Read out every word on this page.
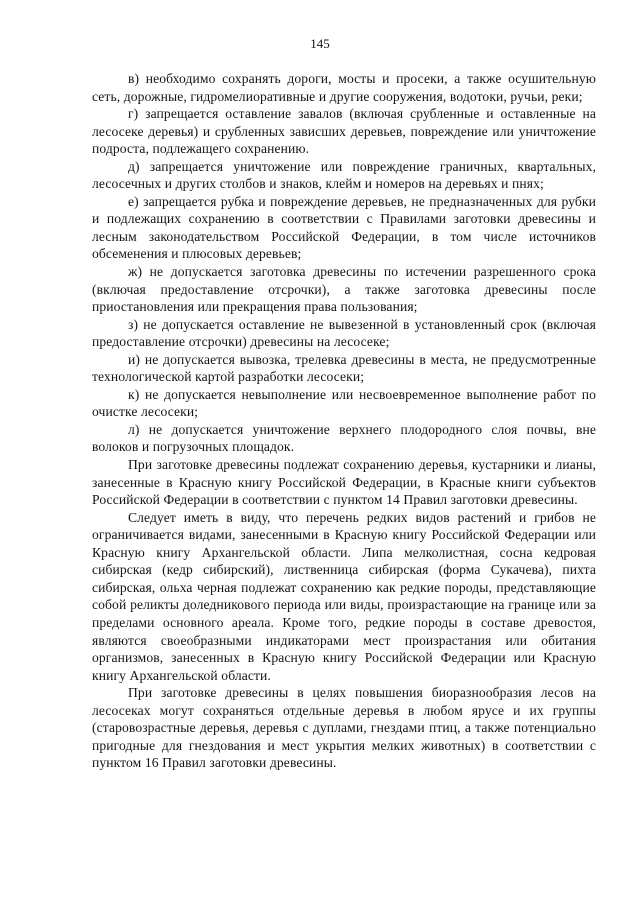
145

в) необходимо сохранять дороги, мосты и просеки, а также осушительную сеть, дорожные, гидромелиоративные и другие сооружения, водотоки, ручьи, реки;

г) запрещается оставление завалов (включая срубленные и оставленные на лесосеке деревья) и срубленных зависших деревьев, повреждение или уничтожение подроста, подлежащего сохранению.

д) запрещается уничтожение или повреждение граничных, квартальных, лесосечных и других столбов и знаков, клейм и номеров на деревьях и пнях;

е) запрещается рубка и повреждение деревьев, не предназначенных для рубки и подлежащих сохранению в соответствии с Правилами заготовки древесины и лесным законодательством Российской Федерации, в том числе источников обсеменения и плюсовых деревьев;

ж) не допускается заготовка древесины по истечении разрешенного срока (включая предоставление отсрочки), а также заготовка древесины после приостановления или прекращения права пользования;

з) не допускается оставление не вывезенной в установленный срок (включая предоставление отсрочки) древесины на лесосеке;

и) не допускается вывозка, трелевка древесины в места, не предусмотренные технологической картой разработки лесосеки;

к) не допускается невыполнение или несвоевременное выполнение работ по очистке лесосеки;

л) не допускается уничтожение верхнего плодородного слоя почвы, вне волоков и погрузочных площадок.

При заготовке древесины подлежат сохранению деревья, кустарники и лианы, занесенные в Красную книгу Российской Федерации, в Красные книги субъектов Российской Федерации в соответствии с пунктом 14 Правил заготовки древесины.

Следует иметь в виду, что перечень редких видов растений и грибов не ограничивается видами, занесенными в Красную книгу Российской Федерации или Красную книгу Архангельской области. Липа мелколистная, сосна кедровая сибирская (кедр сибирский), лиственница сибирская (форма Сукачева), пихта сибирская, ольха черная подлежат сохранению как редкие породы, представляющие собой реликты доледникового периода или виды, произрастающие на границе или за пределами основного ареала. Кроме того, редкие породы в составе древостоя, являются своеобразными индикаторами мест произрастания или обитания организмов, занесенных в Красную книгу Российской Федерации или Красную книгу Архангельской области.

При заготовке древесины в целях повышения биоразнообразия лесов на лесосеках могут сохраняться отдельные деревья в любом ярусе и их группы (старовозрастные деревья, деревья с дуплами, гнездами птиц, а также потенциально пригодные для гнездования и мест укрытия мелких животных) в соответствии с пунктом 16 Правил заготовки древесины.
